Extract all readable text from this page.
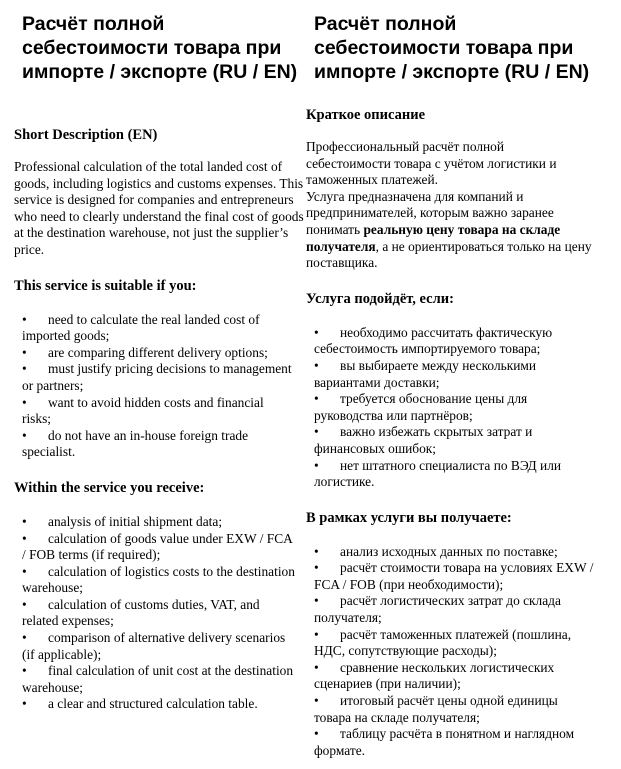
Расчёт полной себестоимости товара при импорте / экспорте (RU / EN)

Short Description (EN)

Professional calculation of the total landed cost of goods, including logistics and customs expenses. This service is designed for companies and entrepreneurs who need to clearly understand the final cost of goods at the destination warehouse, not just the supplier’s price.

This service is suitable if you:

• need to calculate the real landed cost of imported goods;
• are comparing different delivery options;
• must justify pricing decisions to management or partners;
• want to avoid hidden costs and financial risks;
• do not have an in-house foreign trade specialist.

Within the service you receive:

• analysis of initial shipment data;
• calculation of goods value under EXW / FCA / FOB terms (if required);
• calculation of logistics costs to the destination warehouse;
• calculation of customs duties, VAT, and related expenses;
• comparison of alternative delivery scenarios (if applicable);
• final calculation of unit cost at the destination warehouse;
• a clear and structured calculation table.
Расчёт полной себестоимости товара при импорте / экспорте (RU / EN)

Краткое описание

Профессиональный расчёт полной себестоимости товара с учётом логистики и таможенных платежей.

Услуга предназначена для компаний и предпринимателей, которым важно заранее понимать реальную цену товара на складе получателя, а не ориентироваться только на цену поставщика.

Услуга подойдёт, если:

• необходимо рассчитать фактическую себестоимость импортируемого товара;
• вы выбираете между несколькими вариантами доставки;
• требуется обоснование цены для руководства или партнёров;
• важно избежать скрытых затрат и финансовых ошибок;
• нет штатного специалиста по ВЭД или логистике.

В рамках услуги вы получаете:

• анализ исходных данных по поставке;
• расчёт стоимости товара на условиях EXW / FCA / FOB (при необходимости);
• расчёт логистических затрат до склада получателя;
• расчёт таможенных платежей (пошлина, НДС, сопутствующие расходы);
• сравнение нескольких логистических сценариев (при наличии);
• итоговый расчёт цены одной единицы товара на складе получателя;
• таблицу расчёта в понятном и наглядном формате.
